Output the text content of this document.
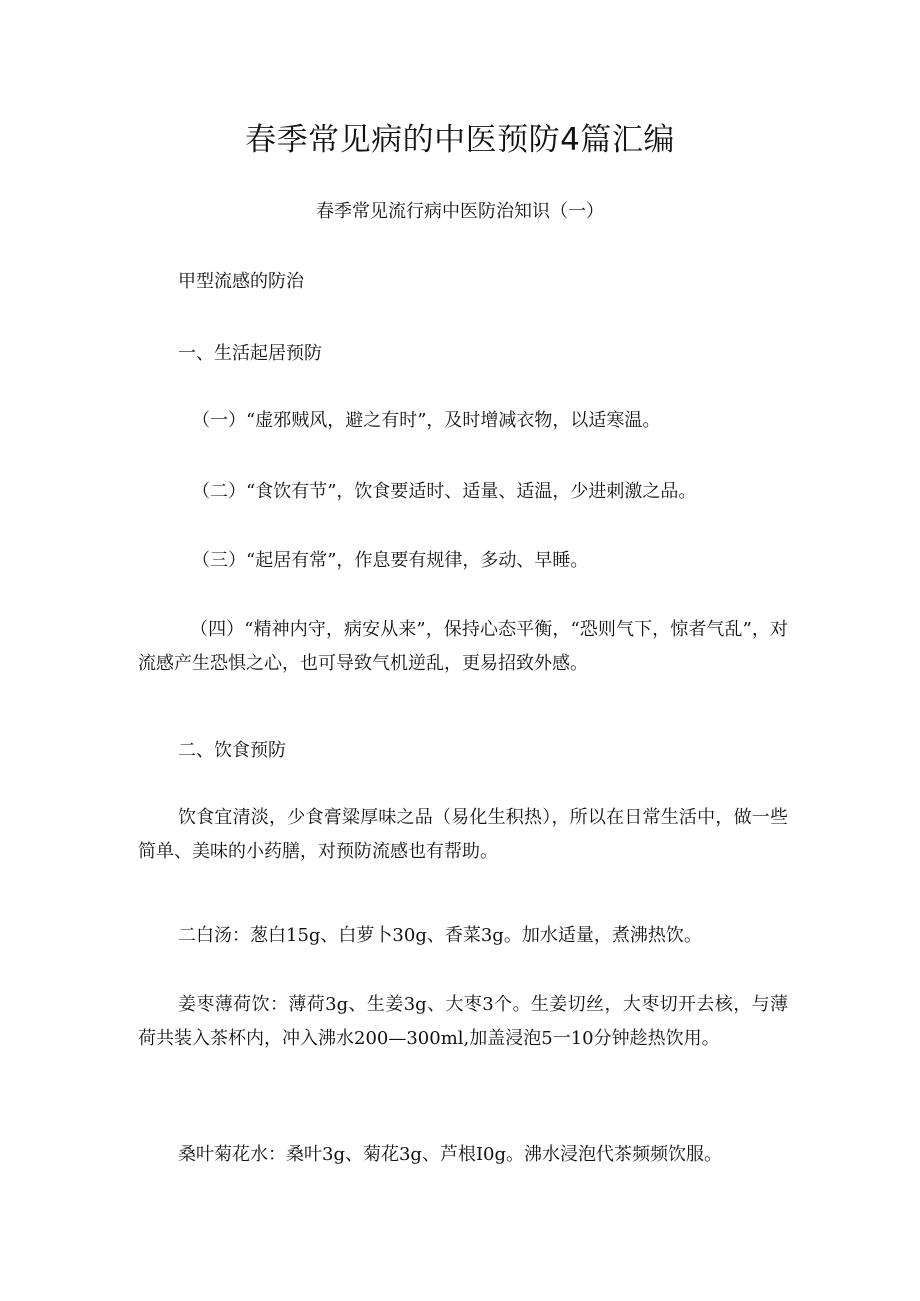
春季常见病的中医预防4篇汇编

春季常见流行病中医防治知识（一）

甲型流感的防治

一、生活起居预防

（一）“虚邪贼风，避之有时”，及时增减衣物，以适寒温。

（二）“食饮有节”，饮食要适时、适量、适温，少进刺激之品。

（三）“起居有常”，作息要有规律，多动、早睡。

（四）“精神内守，病安从来”，保持心态平衡，“恐则气下，惊者气乱”，对流感产生恐惧之心，也可导致气机逆乱，更易招致外感。

二、饮食预防

饮食宜清淡，少食膏粱厚味之品（易化生积热），所以在日常生活中，做一些简单、美味的小药膳，对预防流感也有帮助。

二白汤：葱白15g、白萝卜30g、香菜3g。加水适量，煮沸热饮。

姜枣薄荷饮：薄荷3g、生姜3g、大枣3个。生姜切丝，大枣切开去核，与薄荷共装入茶杯内，冲入沸水200—300ml,加盖浸泡5一10分钟趁热饮用。

桑叶菊花水：桑叶3g、菊花3g、芦根I0g。沸水浸泡代茶频频饮服。
